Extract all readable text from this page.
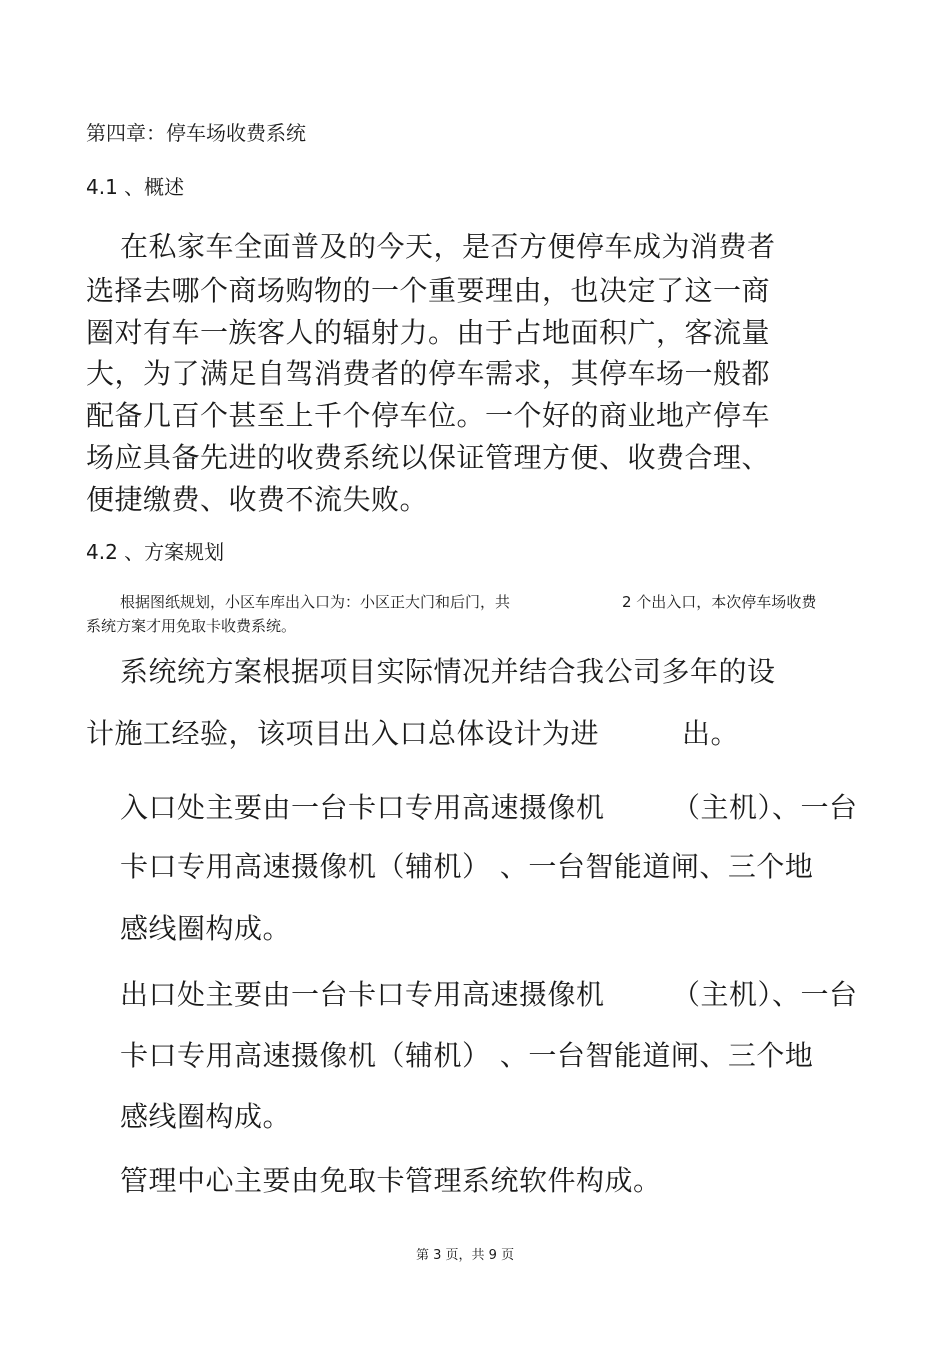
第四章：停车场收费系统
4.1 、概述
在私家车全面普及的今天，是否方便停车成为消费者
选择去哪个商场购物的一个重要理由，也决定了这一商
圈对有车一族客人的辐射力。由于占地面积广，客流量
大，为了满足自驾消费者的停车需求，其停车场一般都
配备几百个甚至上千个停车位。一个好的商业地产停车
场应具备先进的收费系统以保证管理方便、收费合理、
便捷缴费、收费不流失败。
4.2 、方案规划
根据图纸规划，小区车库出入口为：小区正大门和后门，共	2 个出入口，本次停车场收费
系统方案才用免取卡收费系统。
系统统方案根据项目实际情况并结合我公司多年的设
计施工经验，该项目出入口总体设计为进	出。
入口处主要由一台卡口专用高速摄像机 （主机）、一台
卡口专用高速摄像机（辅机） 、一台智能道闸、三个地
感线圈构成。
出口处主要由一台卡口专用高速摄像机 （主机）、一台
卡口专用高速摄像机（辅机） 、一台智能道闸、三个地
感线圈构成。
管理中心主要由免取卡管理系统软件构成。
第 3 页，共 9 页
